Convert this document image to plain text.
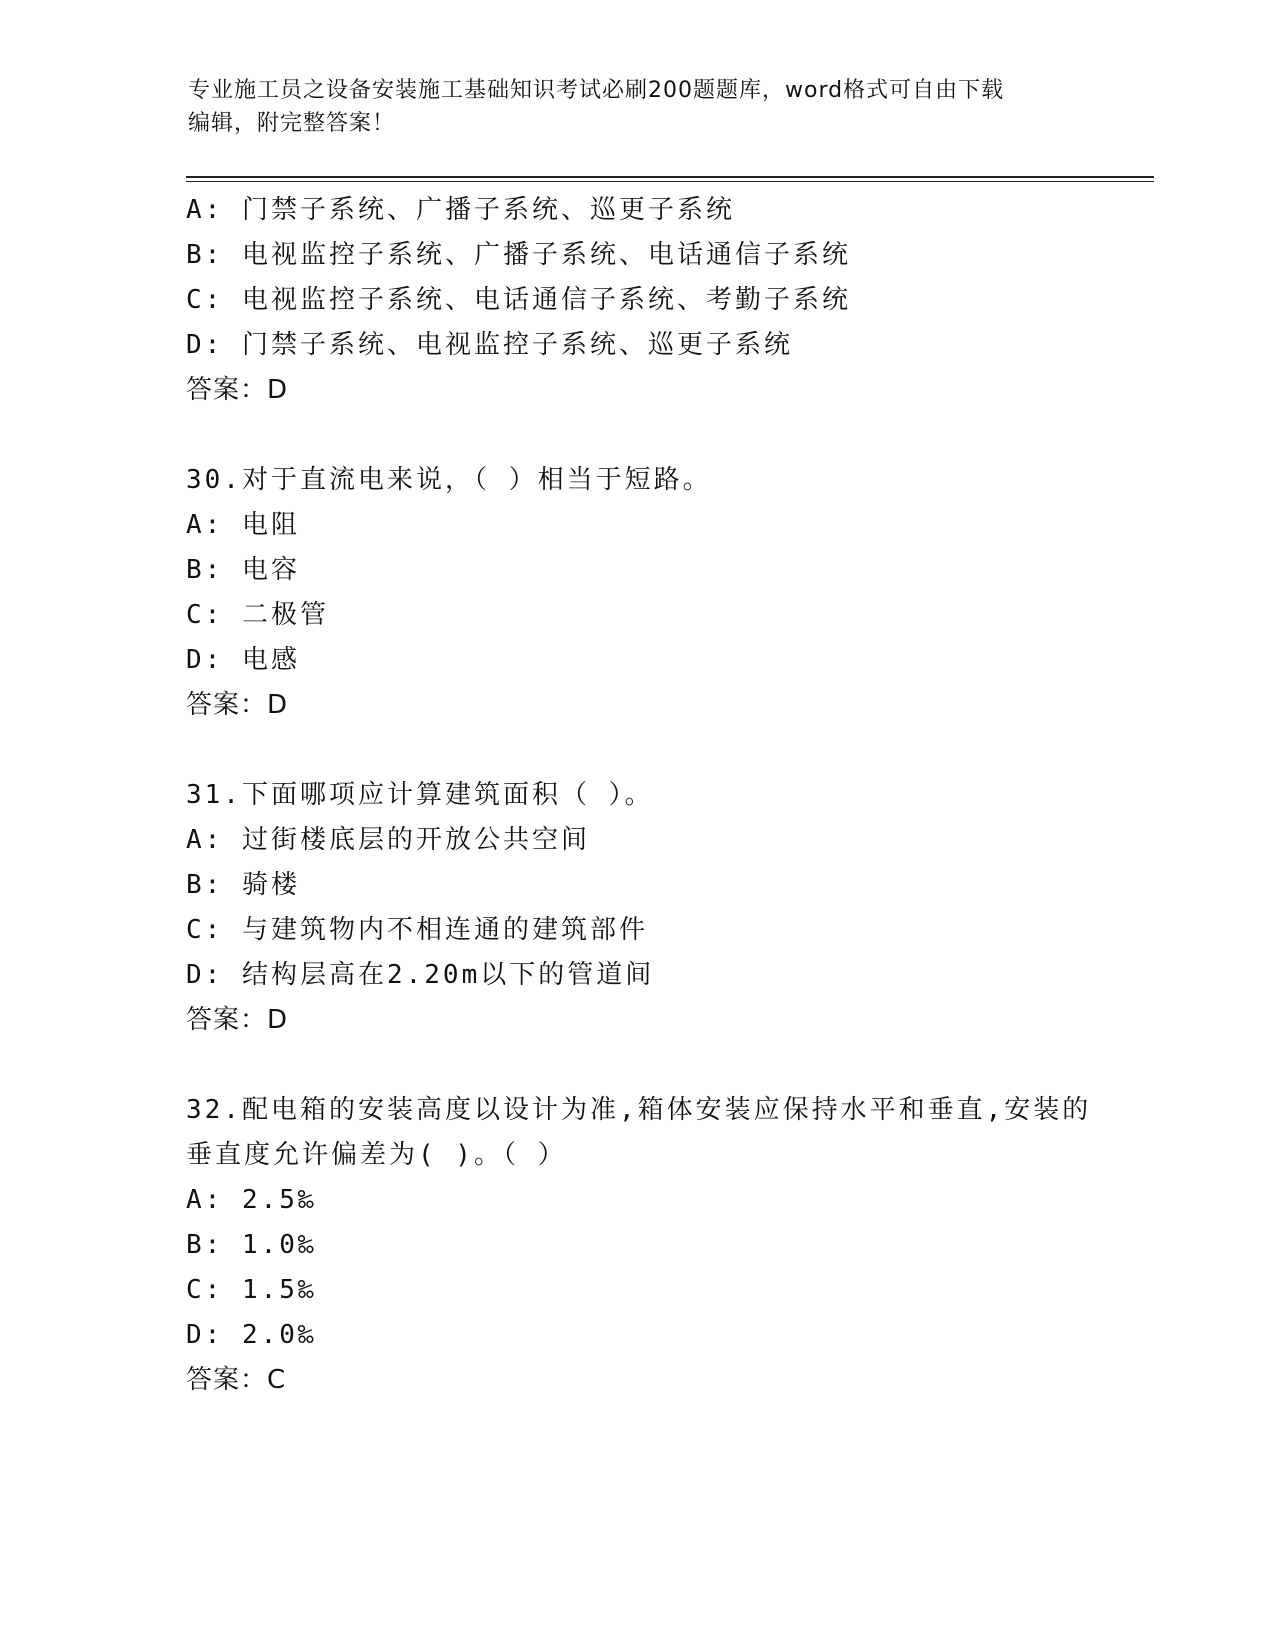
专业施工员之设备安装施工基础知识考试必刷200题题库，word格式可自由下载
编辑，附完整答案！
A: 门禁子系统、广播子系统、巡更子系统
B: 电视监控子系统、广播子系统、电话通信子系统
C: 电视监控子系统、电话通信子系统、考勤子系统
D: 门禁子系统、电视监控子系统、巡更子系统
答案：D
30.对于直流电来说，（ ）相当于短路。
A: 电阻
B: 电容
C: 二极管
D: 电感
答案：D
31.下面哪项应计算建筑面积（ ）。
A: 过街楼底层的开放公共空间
B: 骑楼
C: 与建筑物内不相连通的建筑部件
D: 结构层高在2.20m以下的管道间
答案：D
32.配电箱的安装高度以设计为准,箱体安装应保持水平和垂直,安装的
垂直度允许偏差为( )。（ ）
A: 2.5‰
B: 1.0‰
C: 1.5‰
D: 2.0‰
答案：C
